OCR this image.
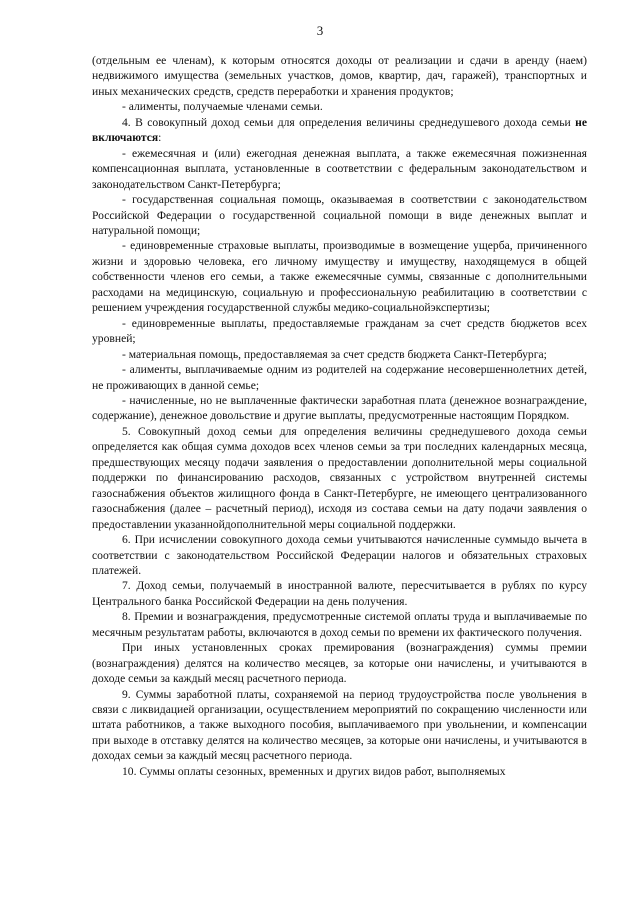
3

(отдельным ее членам), к которым относятся доходы от реализации и сдачи в аренду (наем) недвижимого имущества (земельных участков, домов, квартир, дач, гаражей), транспортных и иных механических средств, средств переработки и хранения продуктов;

- алименты, получаемые членами семьи.

4. В совокупный доход семьи для определения величины среднедушевого дохода семьи не включаются:

- ежемесячная и (или) ежегодная денежная выплата, а также ежемесячная пожизненная компенсационная выплата, установленные в соответствии с федеральным законодательством и законодательством Санкт-Петербурга;

- государственная социальная помощь, оказываемая в соответствии с законодательством Российской Федерации о государственной социальной помощи в виде денежных выплат и натуральной помощи;

- единовременные страховые выплаты, производимые в возмещение ущерба, причиненного жизни и здоровью человека, его личному имуществу и имуществу, находящемуся в общей собственности членов его семьи, а также ежемесячные суммы, связанные с дополнительными расходами на медицинскую, социальную и профессиональную реабилитацию в соответствии с решением учреждения государственной службы медико-социальнойэкспертизы;

- единовременные выплаты, предоставляемые гражданам за счет средств бюджетов всех уровней;

- материальная помощь, предоставляемая за счет средств бюджета Санкт-Петербурга;

- алименты, выплачиваемые одним из родителей на содержание несовершеннолетних детей, не проживающих в данной семье;

- начисленные, но не выплаченные фактически заработная плата (денежное вознаграждение, содержание), денежное довольствие и другие выплаты, предусмотренные настоящим Порядком.

5. Совокупный доход семьи для определения величины среднедушевого дохода семьи определяется как общая сумма доходов всех членов семьи за три последних календарных месяца, предшествующих месяцу подачи заявления о предоставлении дополнительной меры социальной поддержки по финансированию расходов, связанных с устройством внутренней системы газоснабжения объектов жилищного фонда в Санкт-Петербурге, не имеющего централизованного газоснабжения (далее – расчетный период), исходя из состава семьи на дату подачи заявления о предоставлении указаннойдополнительной меры социальной поддержки.

6. При исчислении совокупного дохода семьи учитываются начисленные суммыдо вычета в соответствии с законодательством Российской Федерации налогов и обязательных страховых платежей.

7. Доход семьи, получаемый в иностранной валюте, пересчитывается в рублях по курсу Центрального банка Российской Федерации на день получения.

8. Премии и вознаграждения, предусмотренные системой оплаты труда и выплачиваемые по месячным результатам работы, включаются в доход семьи по времени их фактического получения.

При иных установленных сроках премирования (вознаграждения) суммы премии (вознаграждения) делятся на количество месяцев, за которые они начислены, и учитываются в доходе семьи за каждый месяц расчетного периода.

9. Суммы заработной платы, сохраняемой на период трудоустройства после увольнения в связи с ликвидацией организации, осуществлением мероприятий по сокращению численности или штата работников, а также выходного пособия, выплачиваемого при увольнении, и компенсации при выходе в отставку делятся на количество месяцев, за которые они начислены, и учитываются в доходах семьи за каждый месяц расчетного периода.

10. Суммы оплаты сезонных, временных и других видов работ, выполняемых
